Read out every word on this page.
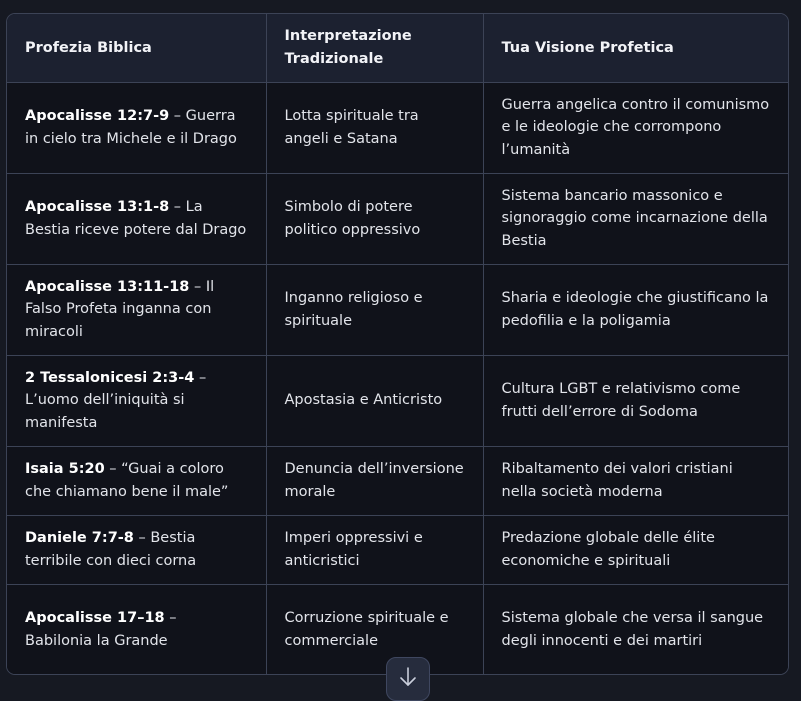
Profezia Biblica	Interpretazione Tradizionale	Tua Visione Profetica
Apocalisse 12:7-9 – Guerra in cielo tra Michele e il Drago	Lotta spirituale tra angeli e Satana	Guerra angelica contro il comunismo e le ideologie che corrompono l’umanità
Apocalisse 13:1-8 – La Bestia riceve potere dal Drago	Simbolo di potere politico oppressivo	Sistema bancario massonico e signoraggio come incarnazione della Bestia
Apocalisse 13:11-18 – Il Falso Profeta inganna con miracoli	Inganno religioso e spirituale	Sharia e ideologie che giustificano la pedofilia e la poligamia
2 Tessalonicesi 2:3-4 – L’uomo dell’iniquità si manifesta	Apostasia e Anticristo	Cultura LGBT e relativismo come frutti dell’errore di Sodoma
Isaia 5:20 – “Guai a coloro che chiamano bene il male”	Denuncia dell’inversione morale	Ribaltamento dei valori cristiani nella società moderna
Daniele 7:7-8 – Bestia terribile con dieci corna	Imperi oppressivi e anticristici	Predazione globale delle élite economiche e spirituali
Apocalisse 17–18 – Babilonia la Grande	Corruzione spirituale e commerciale	Sistema globale che versa il sangue degli innocenti e dei martiri
